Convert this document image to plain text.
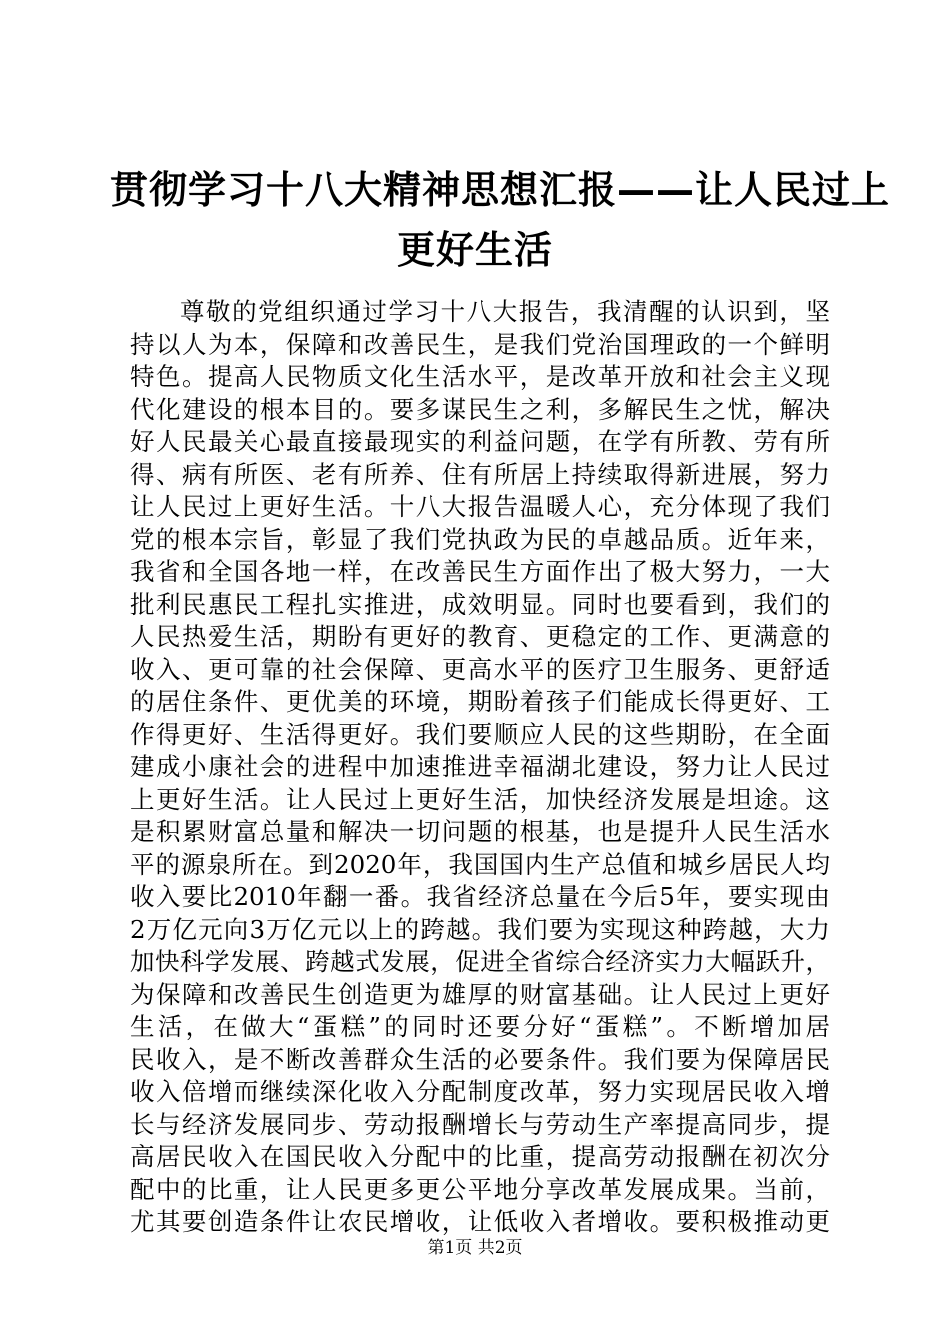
贯彻学习十八大精神思想汇报——让人民过上
更好生活
尊敬的党组织通过学习十八大报告，我清醒的认识到，坚
持以人为本，保障和改善民生，是我们党治国理政的一个鲜明
特色。提高人民物质文化生活水平，是改革开放和社会主义现
代化建设的根本目的。要多谋民生之利，多解民生之忧，解决
好人民最关心最直接最现实的利益问题，在学有所教、劳有所
得、病有所医、老有所养、住有所居上持续取得新进展，努力
让人民过上更好生活。十八大报告温暖人心，充分体现了我们
党的根本宗旨，彰显了我们党执政为民的卓越品质。近年来，
我省和全国各地一样，在改善民生方面作出了极大努力，一大
批利民惠民工程扎实推进，成效明显。同时也要看到，我们的
人民热爱生活，期盼有更好的教育、更稳定的工作、更满意的
收入、更可靠的社会保障、更高水平的医疗卫生服务、更舒适
的居住条件、更优美的环境，期盼着孩子们能成长得更好、工
作得更好、生活得更好。我们要顺应人民的这些期盼，在全面
建成小康社会的进程中加速推进幸福湖北建设，努力让人民过
上更好生活。让人民过上更好生活，加快经济发展是坦途。这
是积累财富总量和解决一切问题的根基，也是提升人民生活水
平的源泉所在。到2020年，我国国内生产总值和城乡居民人均
收入要比2010年翻一番。我省经济总量在今后5年，要实现由
2万亿元向3万亿元以上的跨越。我们要为实现这种跨越，大力
加快科学发展、跨越式发展，促进全省综合经济实力大幅跃升，
为保障和改善民生创造更为雄厚的财富基础。让人民过上更好
生活，在做大“蛋糕”的同时还要分好“蛋糕”。不断增加居
民收入，是不断改善群众生活的必要条件。我们要为保障居民
收入倍增而继续深化收入分配制度改革，努力实现居民收入增
长与经济发展同步、劳动报酬增长与劳动生产率提高同步，提
高居民收入在国民收入分配中的比重，提高劳动报酬在初次分
配中的比重，让人民更多更公平地分享改革发展成果。当前，
尤其要创造条件让农民增收，让低收入者增收。要积极推动更
第1页 共2页
